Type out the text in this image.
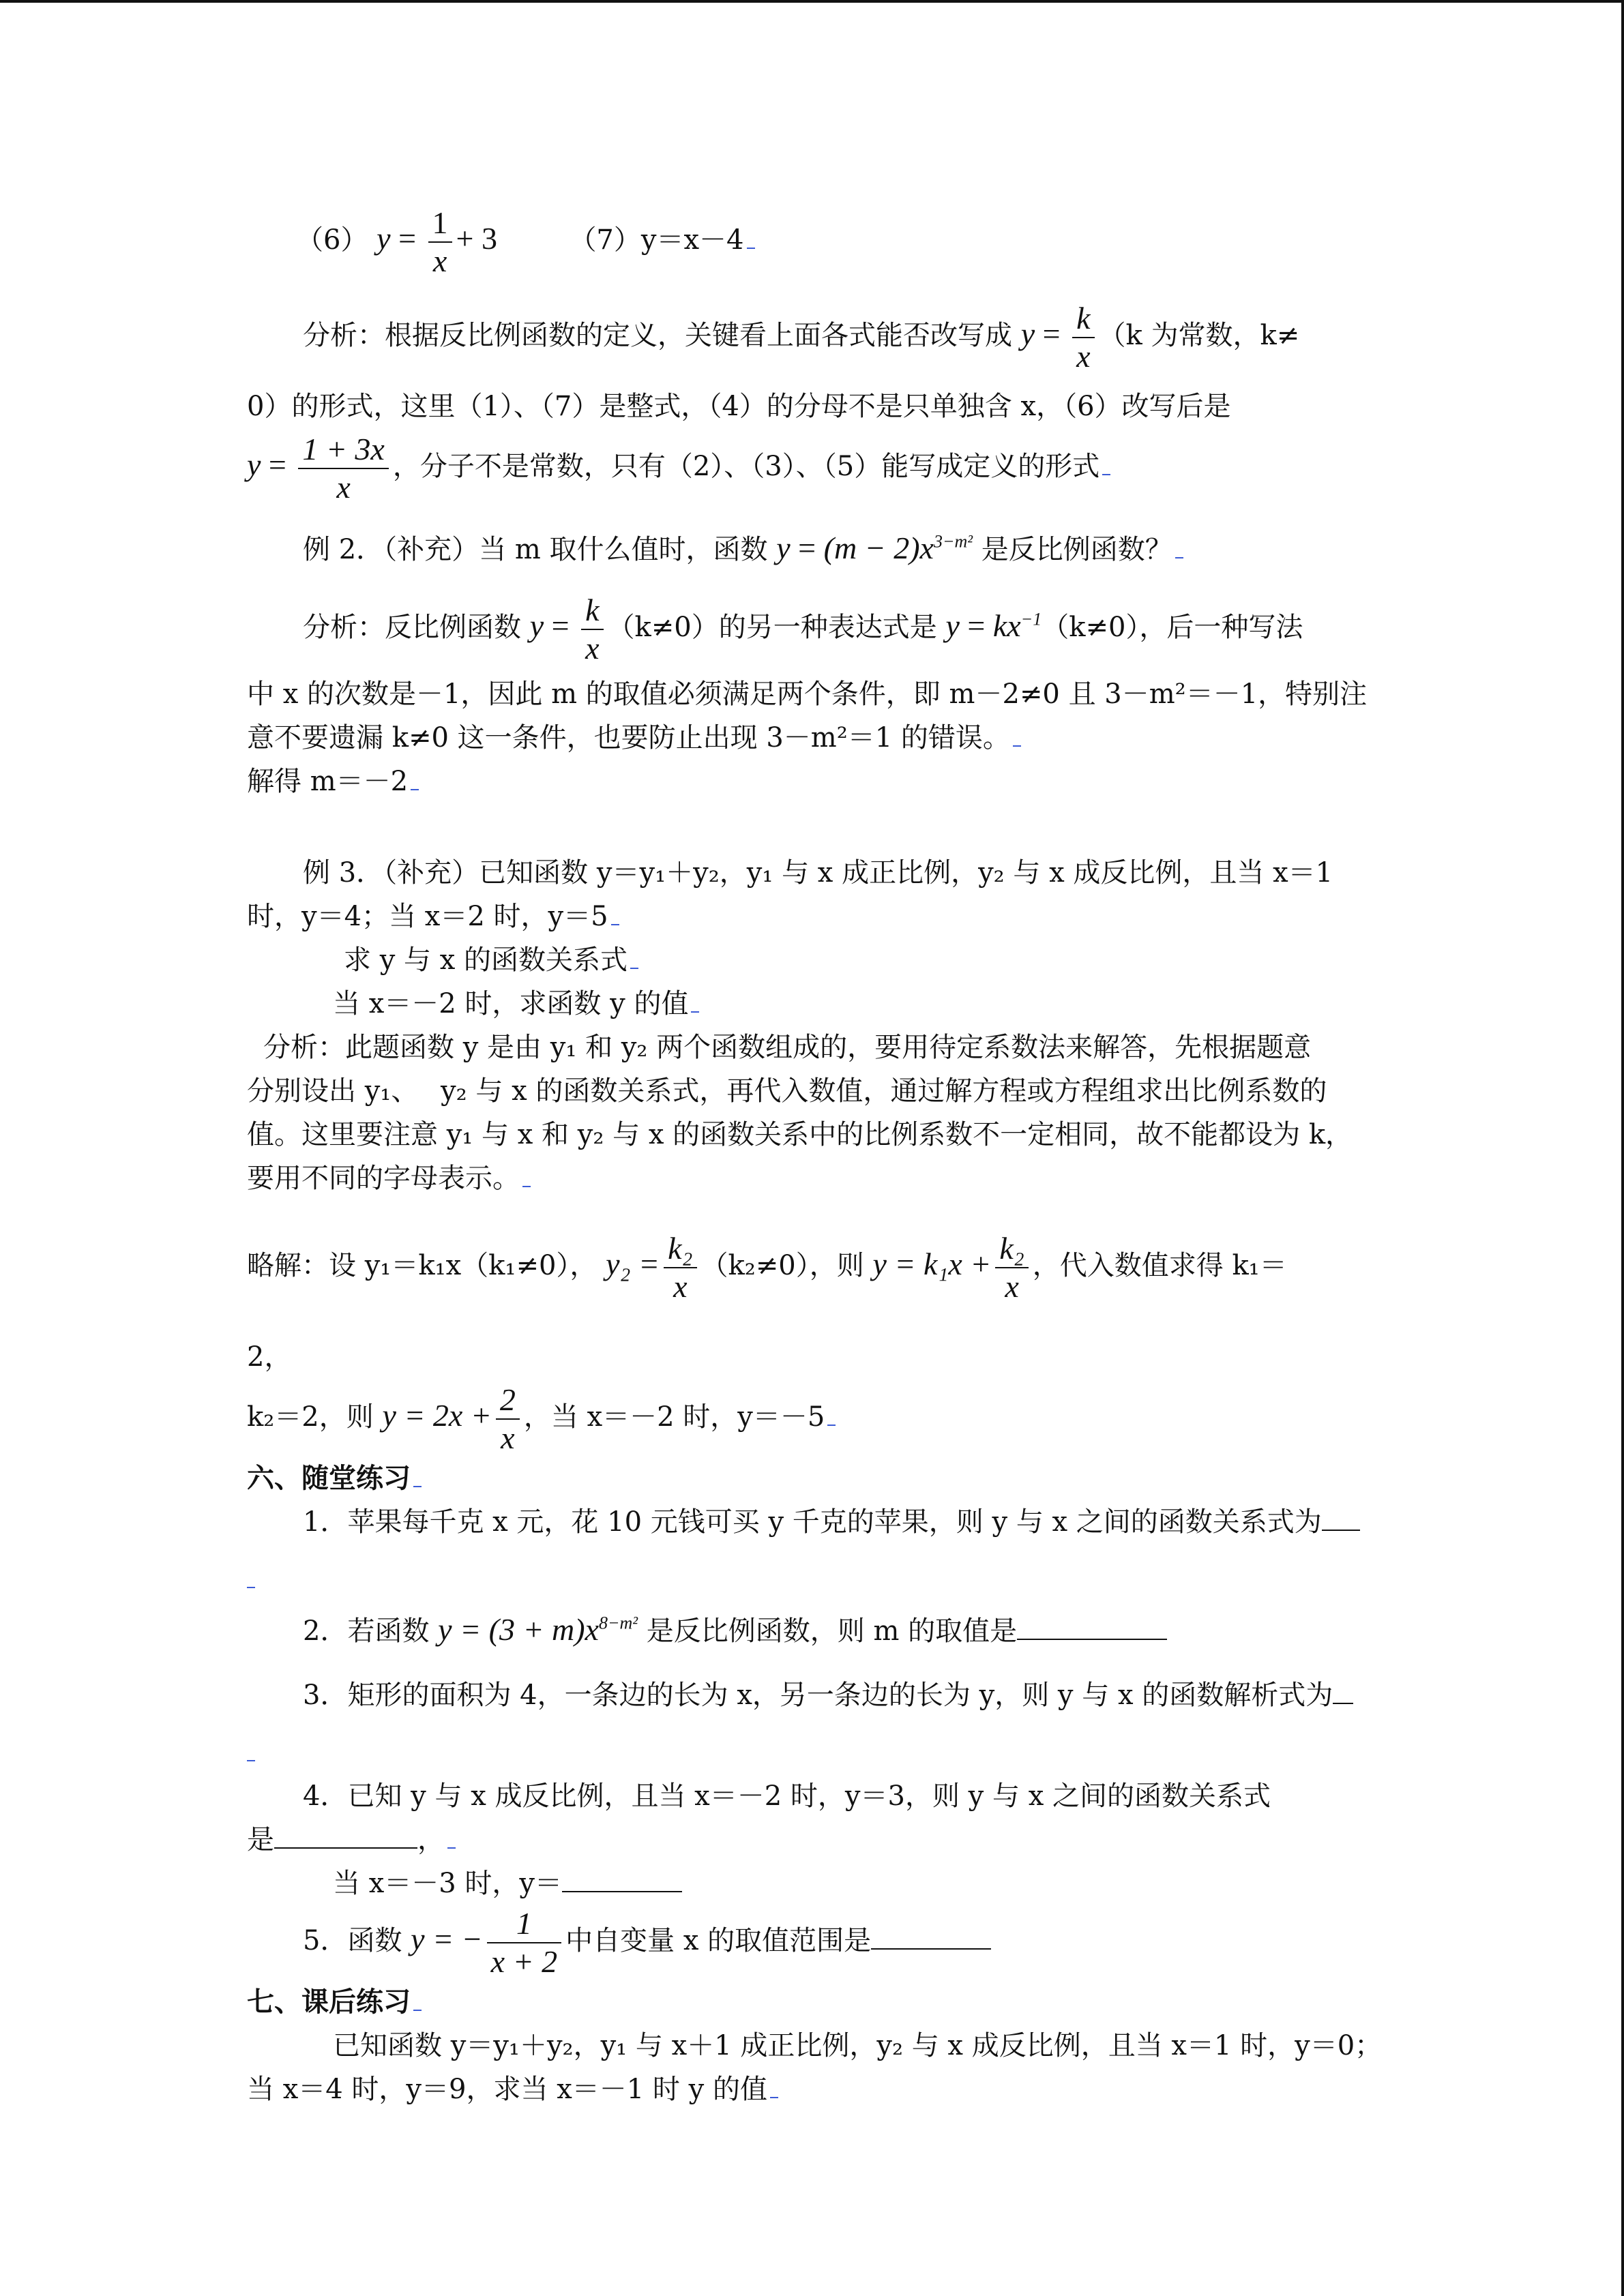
（6） $y = \frac{1}{x} + 3$	（7）y＝x－4

分析：根据反比例函数的定义，关键看上面各式能否改写成 $y = \frac{k}{x} (k$ 为常数，k≠

0）的形式，这里（1）、（7）是整式，（4）的分母不是只单独含 x，（6）改写后是

$y = \frac{1 + 3x}{x}$ ，分子不是常数，只有（2）、（3）、（5）能写成定义的形式

例 2．（补充）当 m 取什么值时，函数 $y = (m - 2)x^{3-m^2}$ 是反比例函数？

分析：反比例函数 $y = \frac{k}{x} (k\ne 0)$的另一种表达式是 $y = kx^{-1}(k\ne 0)$，后一种写法

中 x 的次数是－1，因此 m 的取值必须满足两个条件，即 m－2≠0 且 3－m²＝－1，特别注

意不要遗漏 k≠0 这一条件，也要防止出现 3－m²＝1 的错误。

解得 m＝－2

例 3．（补充）已知函数 y＝y₁＋y₂，y₁ 与 x 成正比例，y₂ 与 x 成反比例，且当 x＝1

时，y＝4；当 x＝2 时，y＝5

求 y 与 x 的函数关系式

当 x＝－2 时，求函数 y 的值

分析：此题函数 y 是由 y₁ 和 y₂ 两个函数组成的，要用待定系数法来解答，先根据题意

分别设出 y₁、　 y₂ 与 x 的函数关系式，再代入数值，通过解方程或方程组求出比例系数的

值。这里要注意 y₁ 与 x 和 y₂ 与 x 的函数关系中的比例系数不一定相同，故不能都设为 k，

要用不同的字母表示。

略解：设 y₁＝k₁x（k₁≠0）， $y_2 = \frac{\text{k₂}}{x} (k_2\ne 0)$，则 $y = k_1x + \frac{\text{k₂}}{x}$ ，代入数值求得 k₁＝

2，

k₂＝2，则 $y = 2x + \frac{2}{x}$ ，当 x＝－2 时，y＝－5

六、随堂练习

1．苹果每千克 x 元，花 10 元钱可买 y 千克的苹果，则 y 与 x 之间的函数关系式为

2．若函数 $y = (3 + m)x^{8-m^2}$ 是反比例函数，则 m 的取值是

3．矩形的面积为 4，一条边的长为 x，另一条边的长为 y，则 y 与 x 的函数解析式为

4．已知 y 与 x 成反比例，且当 x＝－2 时，y＝3，则 y 与 x 之间的函数关系式

是	，

当 x＝－3 时，y＝

5．函数 y = − $\frac{1}{x + 2}$ 中自变量 x 的取值范围是

七、课后练习

已知函数 y＝y₁＋y₂，y₁ 与 x＋1 成正比例，y₂ 与 x 成反比例，且当 x＝1 时，y＝0；

当 x＝4 时，y＝9，求当 x＝－1 时 y 的值
